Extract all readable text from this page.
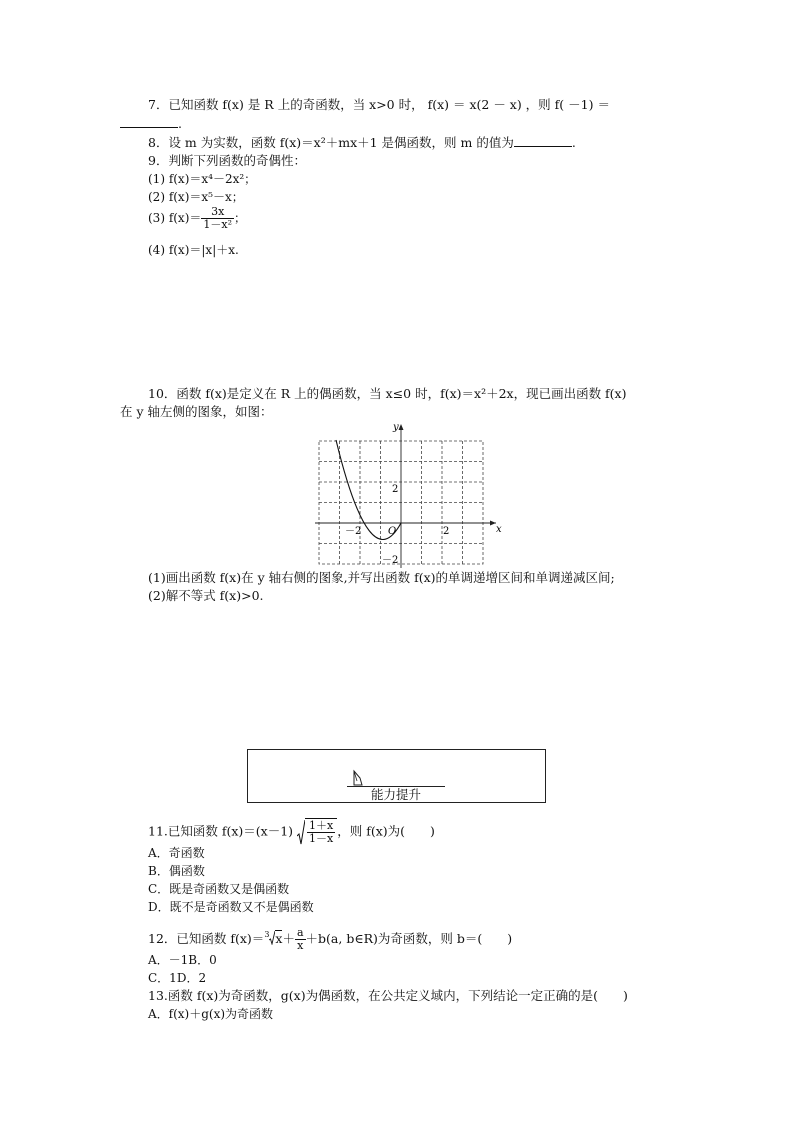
7．已知函数 f(x) 是 R 上的奇函数，当 x>0 时， f(x) ＝ x(2 － x) ，则 f( －1) ＝
.
8．设 m 为实数，函数 f(x)＝x²＋mx＋1 是偶函数，则 m 的值为	.
9．判断下列函数的奇偶性：
(1) f(x)＝x⁴－2x²；
(2) f(x)＝x⁵－x；
(3) $f(x)= \frac{3x}{\text{1－x²}}$ ；
(4) f(x)＝|x|＋x.
10．函数 f(x)是定义在 R 上的偶函数，当 x≤0 时，f(x)＝x²＋2x，现已画出函数 f(x)
在 y 轴左侧的图象，如图：
y
x
O
－2	2
2
－2
(1)画出函数 f(x)在 y 轴右侧的图象,并写出函数 f(x)的单调递增区间和单调递减区间;
(2)解不等式 f(x)>0.
能力提升
11.已知函数 $f(x)=(x-1) \frac{1+x}{1-x}$ ，则 f(x)为(　　)
A．奇函数
B．偶函数
C．既是奇函数又是偶函数
D．既不是奇函数又不是偶函数
12．已知函数 f(x)＝$^3$ $x+ \frac{a}{x} +b(a$, b∈R)为奇函数，则 b＝(　　)
A．－1B．0
C．1D．2
13.函数 f(x)为奇函数，g(x)为偶函数，在公共定义域内，下列结论一定正确的是(　　)
A．f(x)＋g(x)为奇函数
